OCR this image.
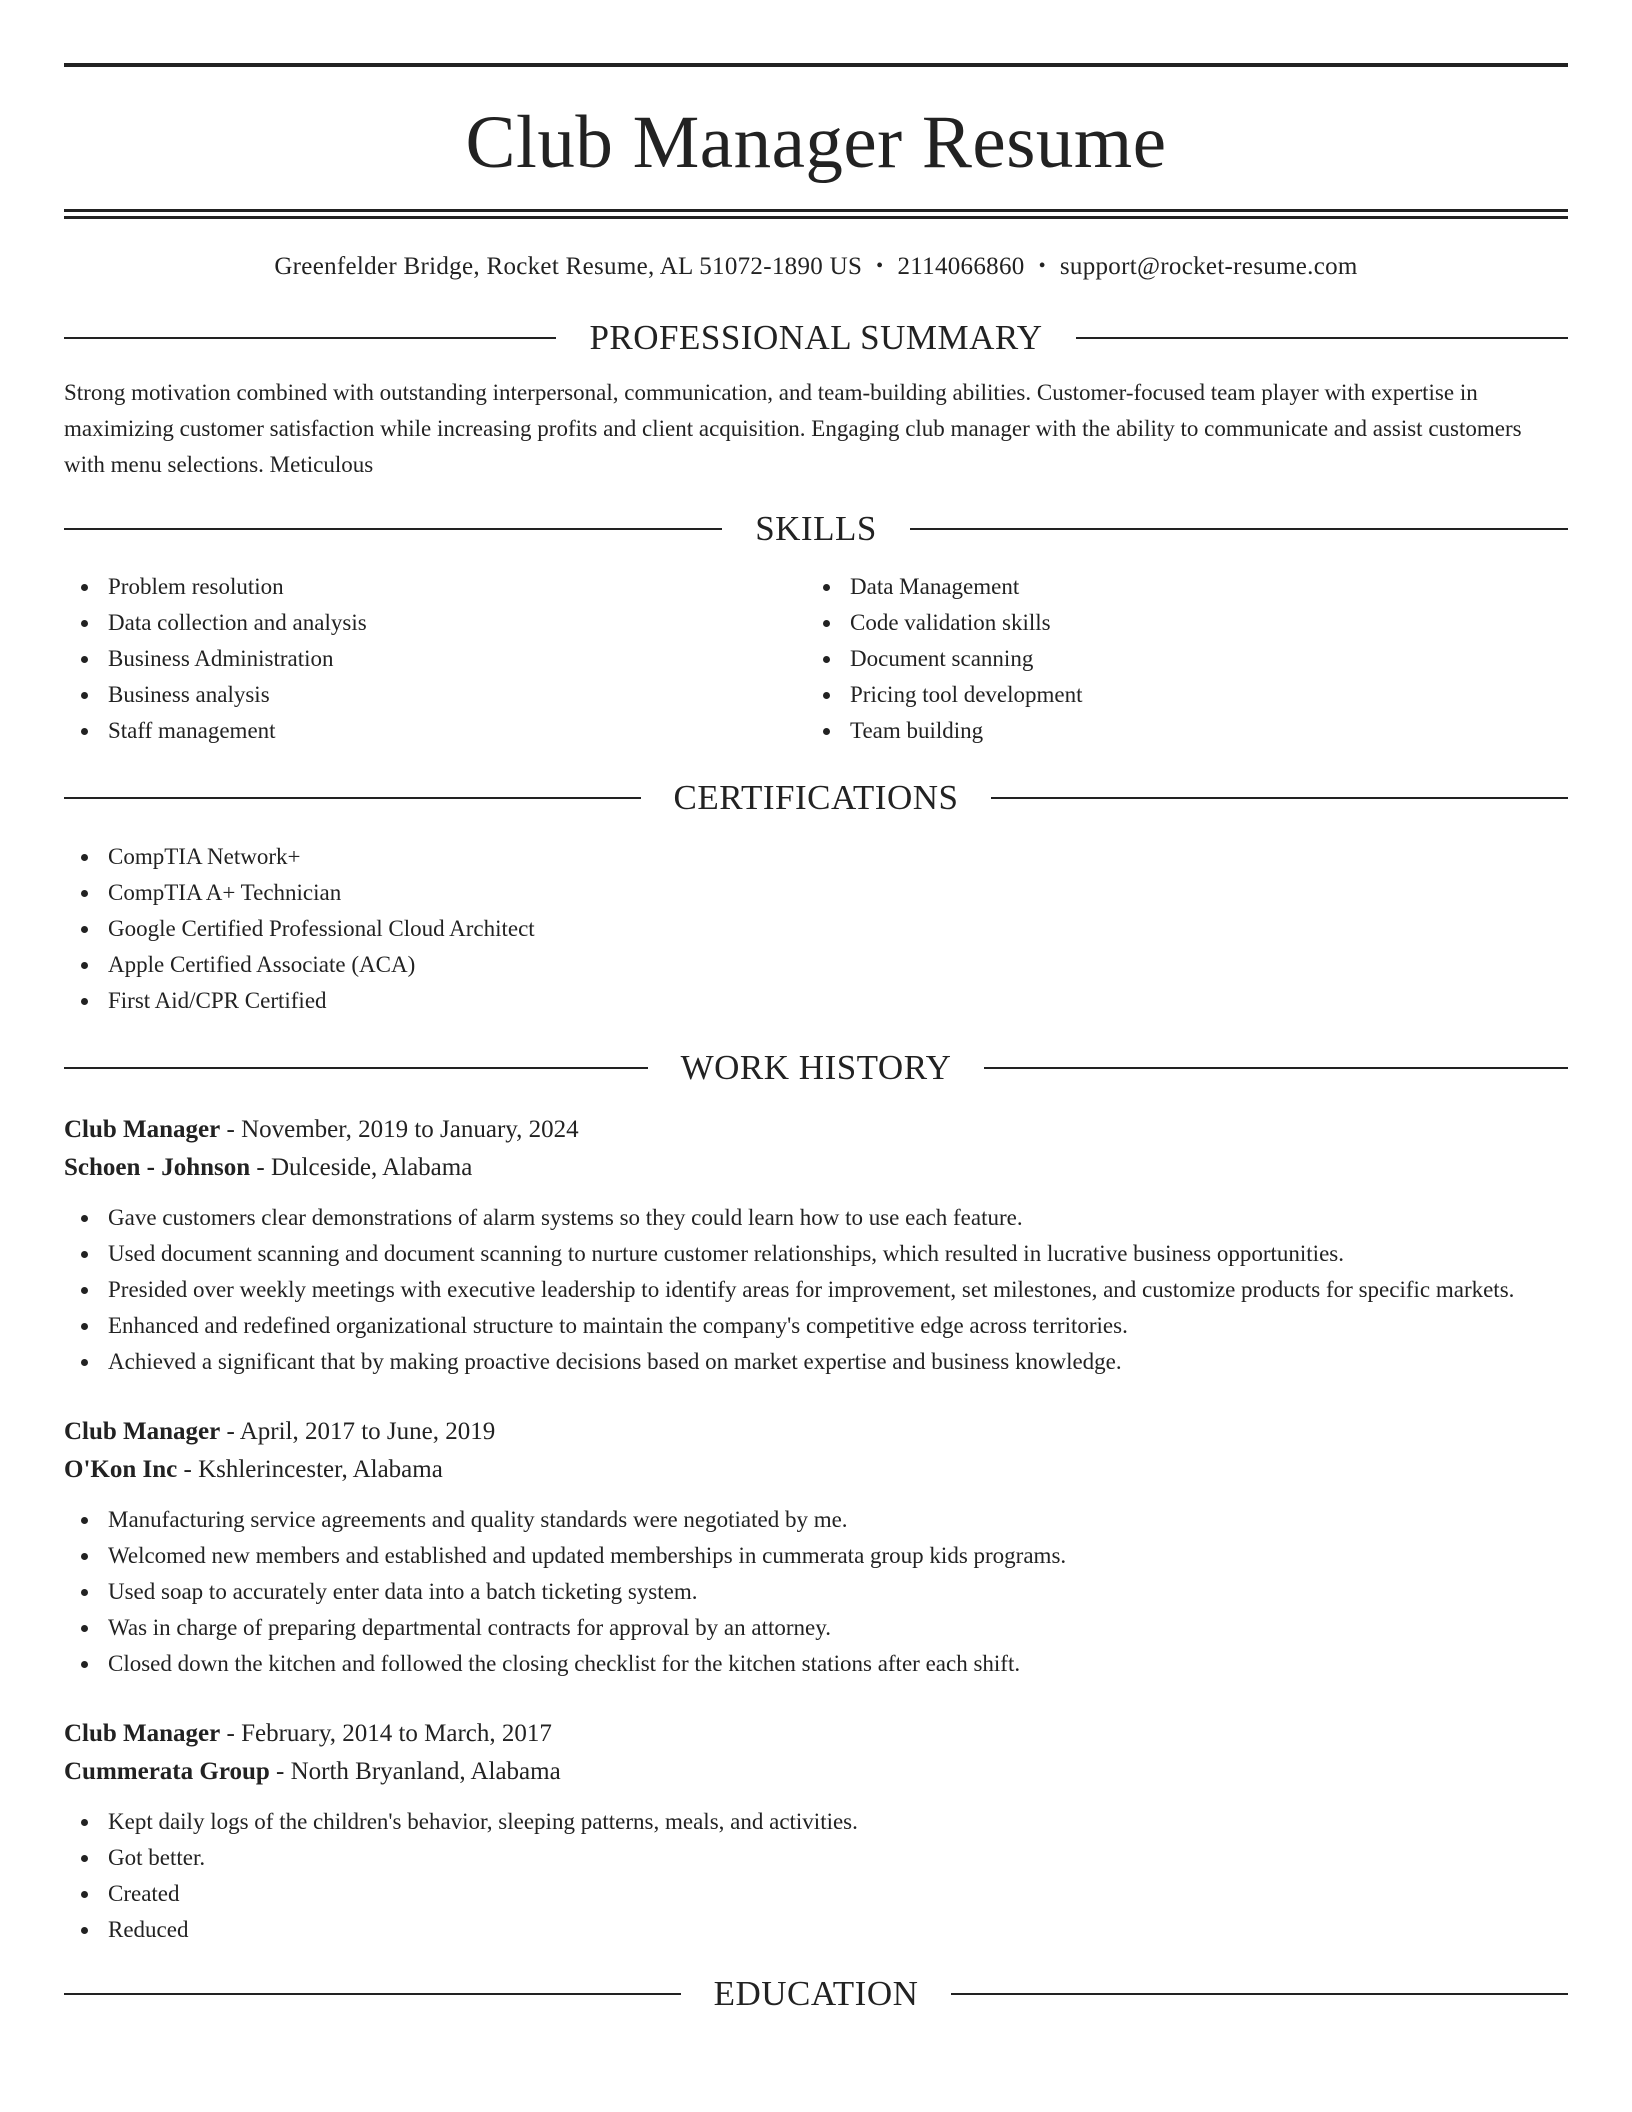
Club Manager Resume
Greenfelder Bridge, Rocket Resume, AL 51072-1890 US • 2114066860 • support@rocket-resume.com
PROFESSIONAL SUMMARY
Strong motivation combined with outstanding interpersonal, communication, and team-building abilities. Customer-focused team player with expertise in maximizing customer satisfaction while increasing profits and client acquisition. Engaging club manager with the ability to communicate and assist customers with menu selections. Meticulous
SKILLS
Problem resolution
Data collection and analysis
Business Administration
Business analysis
Staff management
Data Management
Code validation skills
Document scanning
Pricing tool development
Team building
CERTIFICATIONS
CompTIA Network+
CompTIA A+ Technician
Google Certified Professional Cloud Architect
Apple Certified Associate (ACA)
First Aid/CPR Certified
WORK HISTORY
Club Manager - November, 2019 to January, 2024
Schoen - Johnson - Dulceside, Alabama
Gave customers clear demonstrations of alarm systems so they could learn how to use each feature.
Used document scanning and document scanning to nurture customer relationships, which resulted in lucrative business opportunities.
Presided over weekly meetings with executive leadership to identify areas for improvement, set milestones, and customize products for specific markets.
Enhanced and redefined organizational structure to maintain the company's competitive edge across territories.
Achieved a significant that by making proactive decisions based on market expertise and business knowledge.
Club Manager - April, 2017 to June, 2019
O'Kon Inc - Kshlerincester, Alabama
Manufacturing service agreements and quality standards were negotiated by me.
Welcomed new members and established and updated memberships in cummerata group kids programs.
Used soap to accurately enter data into a batch ticketing system.
Was in charge of preparing departmental contracts for approval by an attorney.
Closed down the kitchen and followed the closing checklist for the kitchen stations after each shift.
Club Manager - February, 2014 to March, 2017
Cummerata Group - North Bryanland, Alabama
Kept daily logs of the children's behavior, sleeping patterns, meals, and activities.
Got better.
Created
Reduced
EDUCATION
